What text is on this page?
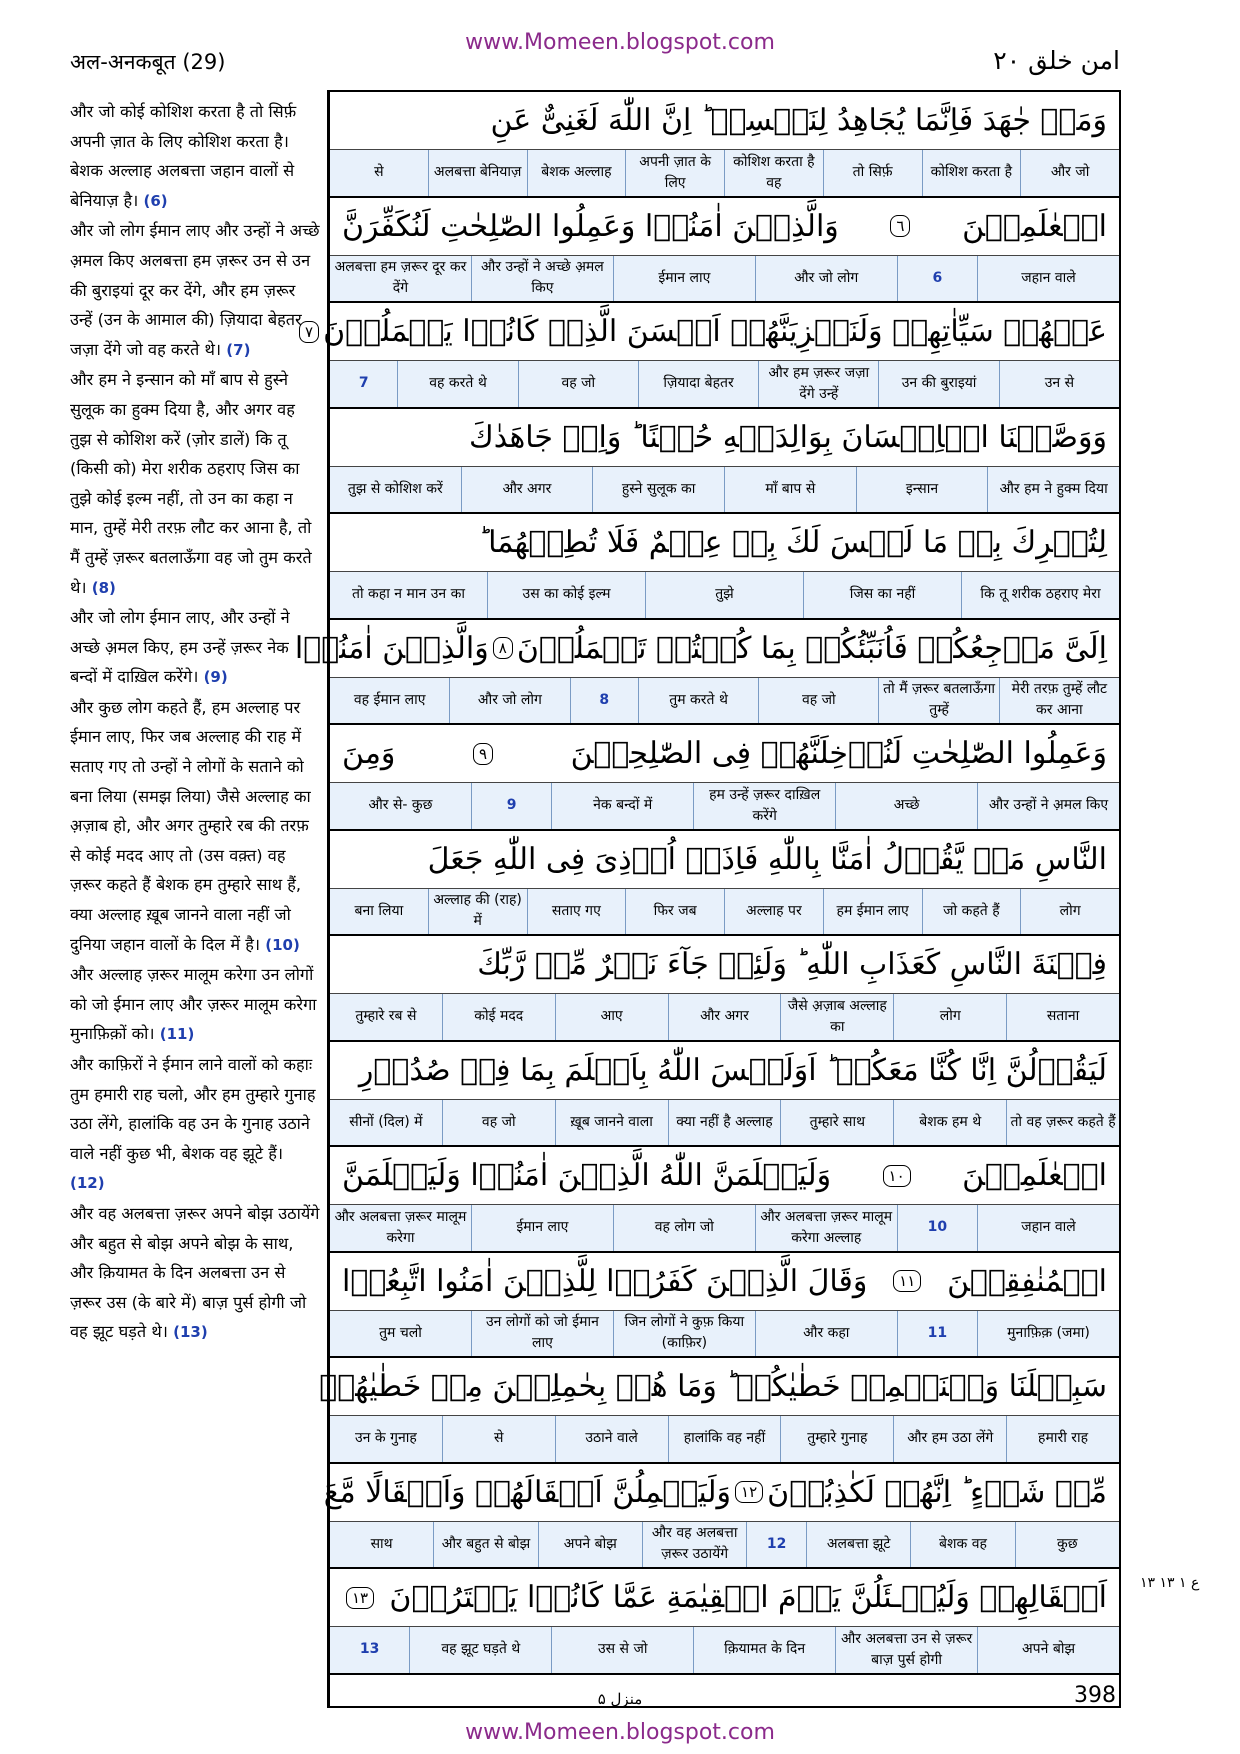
www.Momeen.blogspot.com
अल-अनकबूत (29)	امن خلق ۲۰

और जो कोई कोशिश करता है तो सिर्फ़ अपनी ज़ात के लिए कोशिश करता है। बेशक अल्लाह अलबत्ता जहान वालों से बेनियाज़ है। (6)

और जो लोग ईमान लाए और उन्हों ने अच्छे अ़मल किए अलबत्ता हम ज़रूर उन से उन की बुराइयां दूर कर देंगे, और हम ज़रूर उन्हें (उन के आमाल की) ज़ियादा बेहतर जज़ा देंगे जो वह करते थे। (7)

और हम ने इन्सान को माँ बाप से हुस्ने सुलूक का हुक्म दिया है, और अगर वह तुझ से कोशिश करें (ज़ोर डालें) कि तू (किसी को) मेरा शरीक ठहराए जिस का तुझे कोई इल्म नहीं, तो उन का कहा न मान, तुम्हें मेरी तरफ़ लौट कर आना है, तो मैं तुम्हें ज़रूर बतलाऊँगा वह जो तुम करते थे। (8)

और जो लोग ईमान लाए, और उन्हों ने अच्छे अ़मल किए, हम उन्हें ज़रूर नेक बन्दों में दाख़िल करेंगे। (9)

और कुछ लोग कहते हैं, हम अल्लाह पर ईमान लाए, फिर जब अल्लाह की राह में सताए गए तो उन्हों ने लोगों के सताने को बना लिया (समझ लिया) जैसे अल्लाह का अ़ज़ाब हो, और अगर तुम्हारे रब की तरफ़ से कोई मदद आए तो (उस वक़्त) वह ज़रूर कहते हैं बेशक हम तुम्हारे साथ हैं, क्या अल्लाह ख़ूब जानने वाला नहीं जो दुनिया जहान वालों के दिल में है। (10)

और अल्लाह ज़रूर मालूम करेगा उन लोगों को जो ईमान लाए और ज़रूर मालूम करेगा मुनाफ़िक़ों को। (11)

और काफ़िरों ने ईमान लाने वालों को कहाः तुम हमारी राह चलो, और हम तुम्हारे गुनाह उठा लेंगे, हालांकि वह उन के गुनाह उठाने वाले नहीं कुछ भी, बेशक वह झूटे हैं। (12)

और वह अलबत्ता ज़रूर अपने बोझ उठायेंगे और बहुत से बोझ अपने बोझ के साथ, और क़ियामत के दिन अलबत्ता उन से ज़रूर उस (के बारे में) बाज़ पुर्स होगी जो वह झूट घड़ते थे। (13)

وَمَنۡ جٰهَدَ فَاِنَّمَا يُجَاهِدُ لِنَفۡسِهٖ ؕ اِنَّ اللّٰهَ لَغَنِىٌّ عَنِ
और जो
कोशिश करता है
तो सिर्फ़
कोशिश करता है वह
अपनी ज़ात के लिए
बेशक अल्लाह
अलबत्ता बेनियाज़
से
الۡعٰلَمِيۡنَ
٦
وَالَّذِيۡنَ اٰمَنُوۡا وَعَمِلُوا الصّٰلِحٰتِ لَنُكَفِّرَنَّ
जहान वाले
6
और जो लोग
ईमान लाए
और उन्हों ने अच्छे अ़मल किए
अलबत्ता हम ज़रूर दूर कर देंगे
عَنۡهُمۡ سَيِّاٰتِهِمۡ وَلَنَجۡزِيَنَّهُمۡ اَحۡسَنَ الَّذِىۡ كَانُوۡا يَعۡمَلُوۡنَ
٧
उन से
उन की बुराइयां
और हम ज़रूर जज़ा देंगे उन्हें
ज़ियादा बेहतर
वह जो
वह करते थे
7
وَوَصَّيۡنَا الۡاِنۡسَانَ بِوَالِدَيۡهِ حُسۡنًا ؕ وَاِنۡ جَاهَدٰكَ
और हम ने हुक्म दिया
इन्सान
माँ बाप से
हुस्ने सुलूक का
और अगर
तुझ से कोशिश करें
لِتُشۡرِكَ بِىۡ مَا لَيۡسَ لَكَ بِهٖ عِلۡمٌ فَلَا تُطِعۡهُمَا ؕ
कि तू शरीक ठहराए मेरा
जिस का नहीं
तुझे
उस का कोई इल्म
तो कहा न मान उन का
اِلَىَّ مَرۡجِعُكُمۡ فَاُنَبِّئُكُمۡ بِمَا كُنۡتُمۡ تَعۡمَلُوۡنَ
٨
وَالَّذِيۡنَ اٰمَنُوۡا
मेरी तरफ़ तुम्हें लौट कर आना
तो मैं ज़रूर बतलाऊँगा तुम्हें
वह जो
तुम करते थे
8
और जो लोग
वह ईमान लाए
وَعَمِلُوا الصّٰلِحٰتِ لَنُدۡخِلَنَّهُمۡ فِى الصّٰلِحِيۡنَ
٩
وَمِنَ
और उन्हों ने अ़मल किए
अच्छे
हम उन्हें ज़रूर दाख़िल करेंगे
नेक बन्दों में
9
और से- कुछ
النَّاسِ مَنۡ يَّقُوۡلُ اٰمَنَّا بِاللّٰهِ فَاِذَاۤ اُوۡذِىَ فِى اللّٰهِ جَعَلَ
लोग
जो कहते हैं
हम ईमान लाए
अल्लाह पर
फिर जब
सताए गए
अल्लाह की (राह) में
बना लिया
فِتۡنَةَ النَّاسِ كَعَذَابِ اللّٰهِ ؕ وَلَئِنۡ جَآءَ نَصۡرٌ مِّنۡ رَّبِّكَ
सताना
लोग
जैसे अ़ज़ाब अल्लाह का
और अगर
आए
कोई मदद
तुम्हारे रब से
لَيَقُوۡلُنَّ اِنَّا كُنَّا مَعَكُمۡ ؕ اَوَلَيۡسَ اللّٰهُ بِاَعۡلَمَ بِمَا فِىۡ صُدُوۡرِ
तो वह ज़रूर कहते हैं
बेशक हम थे
तुम्हारे साथ
क्या नहीं है अल्लाह
ख़ूब जानने वाला
वह जो
सीनों (दिल) में
الۡعٰلَمِيۡنَ
١٠
وَلَيَعۡلَمَنَّ اللّٰهُ الَّذِيۡنَ اٰمَنُوۡا وَلَيَعۡلَمَنَّ
जहान वाले
10
और अलबत्ता ज़रूर मालूम करेगा अल्लाह
वह लोग जो
ईमान लाए
और अलबत्ता ज़रूर मालूम करेगा
الۡمُنٰفِقِيۡنَ
١١
وَقَالَ الَّذِيۡنَ كَفَرُوۡا لِلَّذِيۡنَ اٰمَنُوا اتَّبِعُوۡا
मुनाफ़िक़ (जमा)
11
और कहा
जिन लोगों ने कुफ़ किया (काफ़िर)
उन लोगों को जो ईमान लाए
तुम चलो
سَبِيۡلَنَا وَلۡنَحۡمِلۡ خَطٰيٰكُمۡ ؕ وَمَا هُمۡ بِحٰمِلِيۡنَ مِنۡ خَطٰيٰهُمۡ
हमारी राह
और हम उठा लेंगे
तुम्हारे गुनाह
हालांकि वह नहीं
उठाने वाले
से
उन के गुनाह
مِّنۡ شَىۡءٍ ؕ اِنَّهُمۡ لَكٰذِبُوۡنَ
١٢
وَلَيَحۡمِلُنَّ اَثۡقَالَهُمۡ وَاَثۡقَالًا مَّعَ
कुछ
बेशक वह
अलबत्ता झूटे
12
और वह अलबत्ता ज़रूर उठायेंगे
अपने बोझ
और बहुत से बोझ
साथ
اَثۡقَالِهِمۡ وَلَيُسۡـئَلُنَّ يَوۡمَ الۡقِيٰمَةِ عَمَّا كَانُوۡا يَفۡتَرُوۡنَ
١٣
अपने बोझ
और अलबत्ता उन से ज़रूर बाज़ पुर्स होगी
क़ियामत के दिन
उस से जो
वह झूट घड़ते थे
13
ع ۱ ۱۳ ۱۳
منزل ۵	398
www.Momeen.blogspot.com
